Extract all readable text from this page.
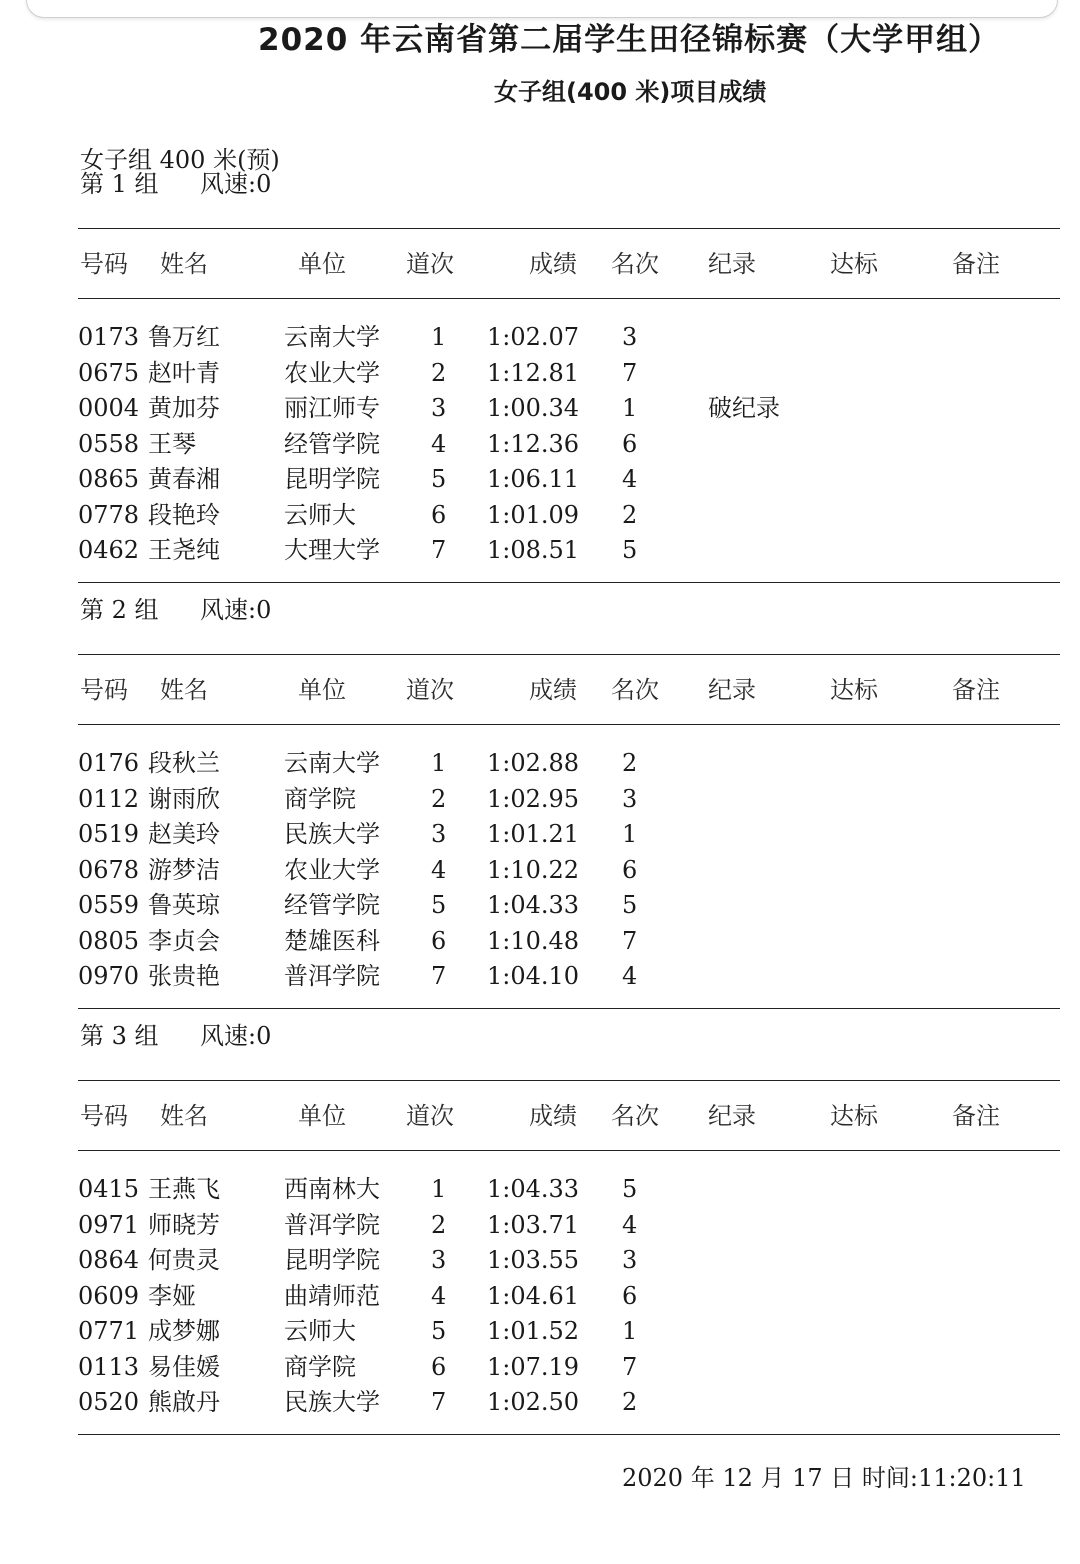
2020 年云南省第二届学生田径锦标赛（大学甲组）
女子组(400 米)项目成绩
女子组 400 米(预)
第 1 组 风速:0
号码 姓名	单位	道次	成绩 名次 纪录	达标	备注
0173 鲁万红	云南大学 1 1:02.07 3
0675 赵叶青	农业大学 2 1:12.81 7
0004 黄加芬	丽江师专 3 1:00.34 1	破纪录
0558 王琴	经管学院 4 1:12.36 6
0865 黄春湘	昆明学院 5 1:06.11 4
0778 段艳玲	云师大	6 1:01.09 2
0462 王尧纯	大理大学 7 1:08.51 5
第 2 组 风速:0
号码 姓名	单位	道次	成绩 名次 纪录	达标	备注
0176 段秋兰	云南大学 1 1:02.88 2
0112 谢雨欣	商学院	2 1:02.95 3
0519 赵美玲	民族大学 3 1:01.21 1
0678 游梦洁	农业大学 4 1:10.22 6
0559 鲁英琼	经管学院 5 1:04.33 5
0805 李贞会	楚雄医科 6 1:10.48 7
0970 张贵艳	普洱学院 7 1:04.10 4
第 3 组 风速:0
号码 姓名	单位	道次	成绩 名次 纪录	达标	备注
0415 王燕飞	西南林大 1 1:04.33 5
0971 师晓芳	普洱学院 2 1:03.71 4
0864 何贵灵	昆明学院 3 1:03.55 3
0609 李娅	曲靖师范 4 1:04.61 6
0771 成梦娜	云师大	5 1:01.52 1
0113 易佳媛	商学院	6 1:07.19 7
0520 熊啟丹	民族大学 7 1:02.50 2
2020 年 12 月 17 日 时间:11:20:11
